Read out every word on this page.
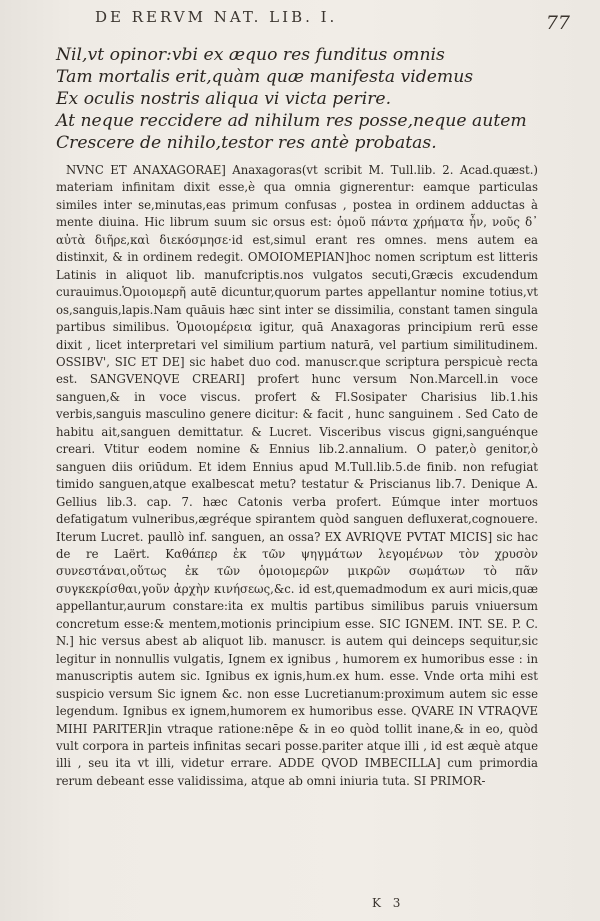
DE RERVM NAT. LIB. I.	77
Nil,vt opinor:vbi ex æquo res funditus omnis
Tam mortalis erit,quàm quæ manifesta videmus
Ex oculis nostris aliqua vi victa perire.
At neque reccidere ad nihilum res posse,neque autem
Crescere de nihilo,testor res antè probatas.

NVNC ET ANAXAGORAE] Anaxagoras(vt scribit M. Tull.lib. 2. Acad.quæst.) materiam infinitam dixit esse,è qua omnia gignerentur: eamque particulas similes inter se,minutas,eas primum confusas , postea in ordinem adductas à mente diuina. Hic librum suum sic orsus est: ὁμοῦ πάντα χρήματα ἦν, νοῦς δ᾽ αὐτὰ διῆρε,καὶ διεκόσμησε·id est,simul erant res omnes. mens autem ea distinxit, & in ordinem redegit. ΟΜΟΙΟΜΕΡΙΑΝ]hoc nomen scriptum est litteris Latinis in aliquot lib. manufcriptis.nos vulgatos secuti,Græcis excudendum curauimus.Ὁμοιομερῆ autē dicuntur,quorum partes appellantur nomine totius,vt os,sanguis,lapis.Nam quāuis hæc sint inter se dissimilia, constant tamen singula partibus similibus. Ὁμοιομέρεια igitur, quā Anaxagoras principium rerū esse dixit , licet interpretari vel similium partium naturā, vel partium similitudinem. OSSIBV', SIC ET DE] sic habet duo cod. manuscr.que scriptura perspicuè recta est. SANGVENQVE CREARI] profert hunc versum Non.Marcell.in voce sanguen,& in voce viscus. profert & Fl.Sosipater Charisius lib.1.his verbis,sanguis masculino genere dicitur: & facit , hunc sanguinem . Sed Cato de habitu ait,sanguen demittatur. & Lucret. Visceribus viscus gigni,sanguénque creari. Vtitur eodem nomine & Ennius lib.2.annalium. O pater,ò genitor,ò sanguen diis oriūdum. Et idem Ennius apud M.Tull.lib.5.de finib. non refugiat timido sanguen,atque exalbescat metu? testatur & Priscianus lib.7. Denique A. Gellius lib.3. cap. 7. hæc Catonis verba profert. Eúmque inter mortuos defatigatum vulneribus,ægréque spirantem quòd sanguen defluxerat,cognouere. Iterum Lucret. paullò inf. sanguen, an ossa? EX AVRIQVE PVTAT MICIS] sic hac de re Laërt. Καθάπερ ἐκ τῶν ψηγμάτων λεγομένων τὸν χρυσὸν συνεστάναι,οὕτως ἐκ τῶν ὁμοιομερῶν μικρῶν σωμάτων τὸ πᾶν συγκεκρίσθαι,γοῦν ἀρχὴν κινήσεως,&c. id est,quemadmodum ex auri micis,quæ appellantur,aurum constare:ita ex multis partibus similibus paruis vniuersum concretum esse:& mentem,motionis principium esse. SIC IGNEM. INT. SE. P. C. N.] hic versus abest ab aliquot lib. manuscr. is autem qui deinceps sequitur,sic legitur in nonnullis vulgatis, Ignem ex ignibus , humorem ex humoribus esse : in manuscriptis autem sic. Ignibus ex ignis,hum.ex hum. esse. Vnde orta mihi est suspicio versum Sic ignem &c. non esse Lucretianum:proximum autem sic esse legendum. Ignibus ex ignem,humorem ex humoribus esse. QVARE IN VTRAQVE MIHI PARITER]in vtraque ratione:nēpe & in eo quòd tollit inane,& in eo, quòd vult corpora in parteis infinitas secari posse.pariter atque illi , id est æquè atque illi , seu ita vt illi, videtur errare. ADDE QVOD IMBECILLA] cum primordia rerum debeant esse validissima, atque ab omni iniuria tuta. SI PRIMOR-

K 3
